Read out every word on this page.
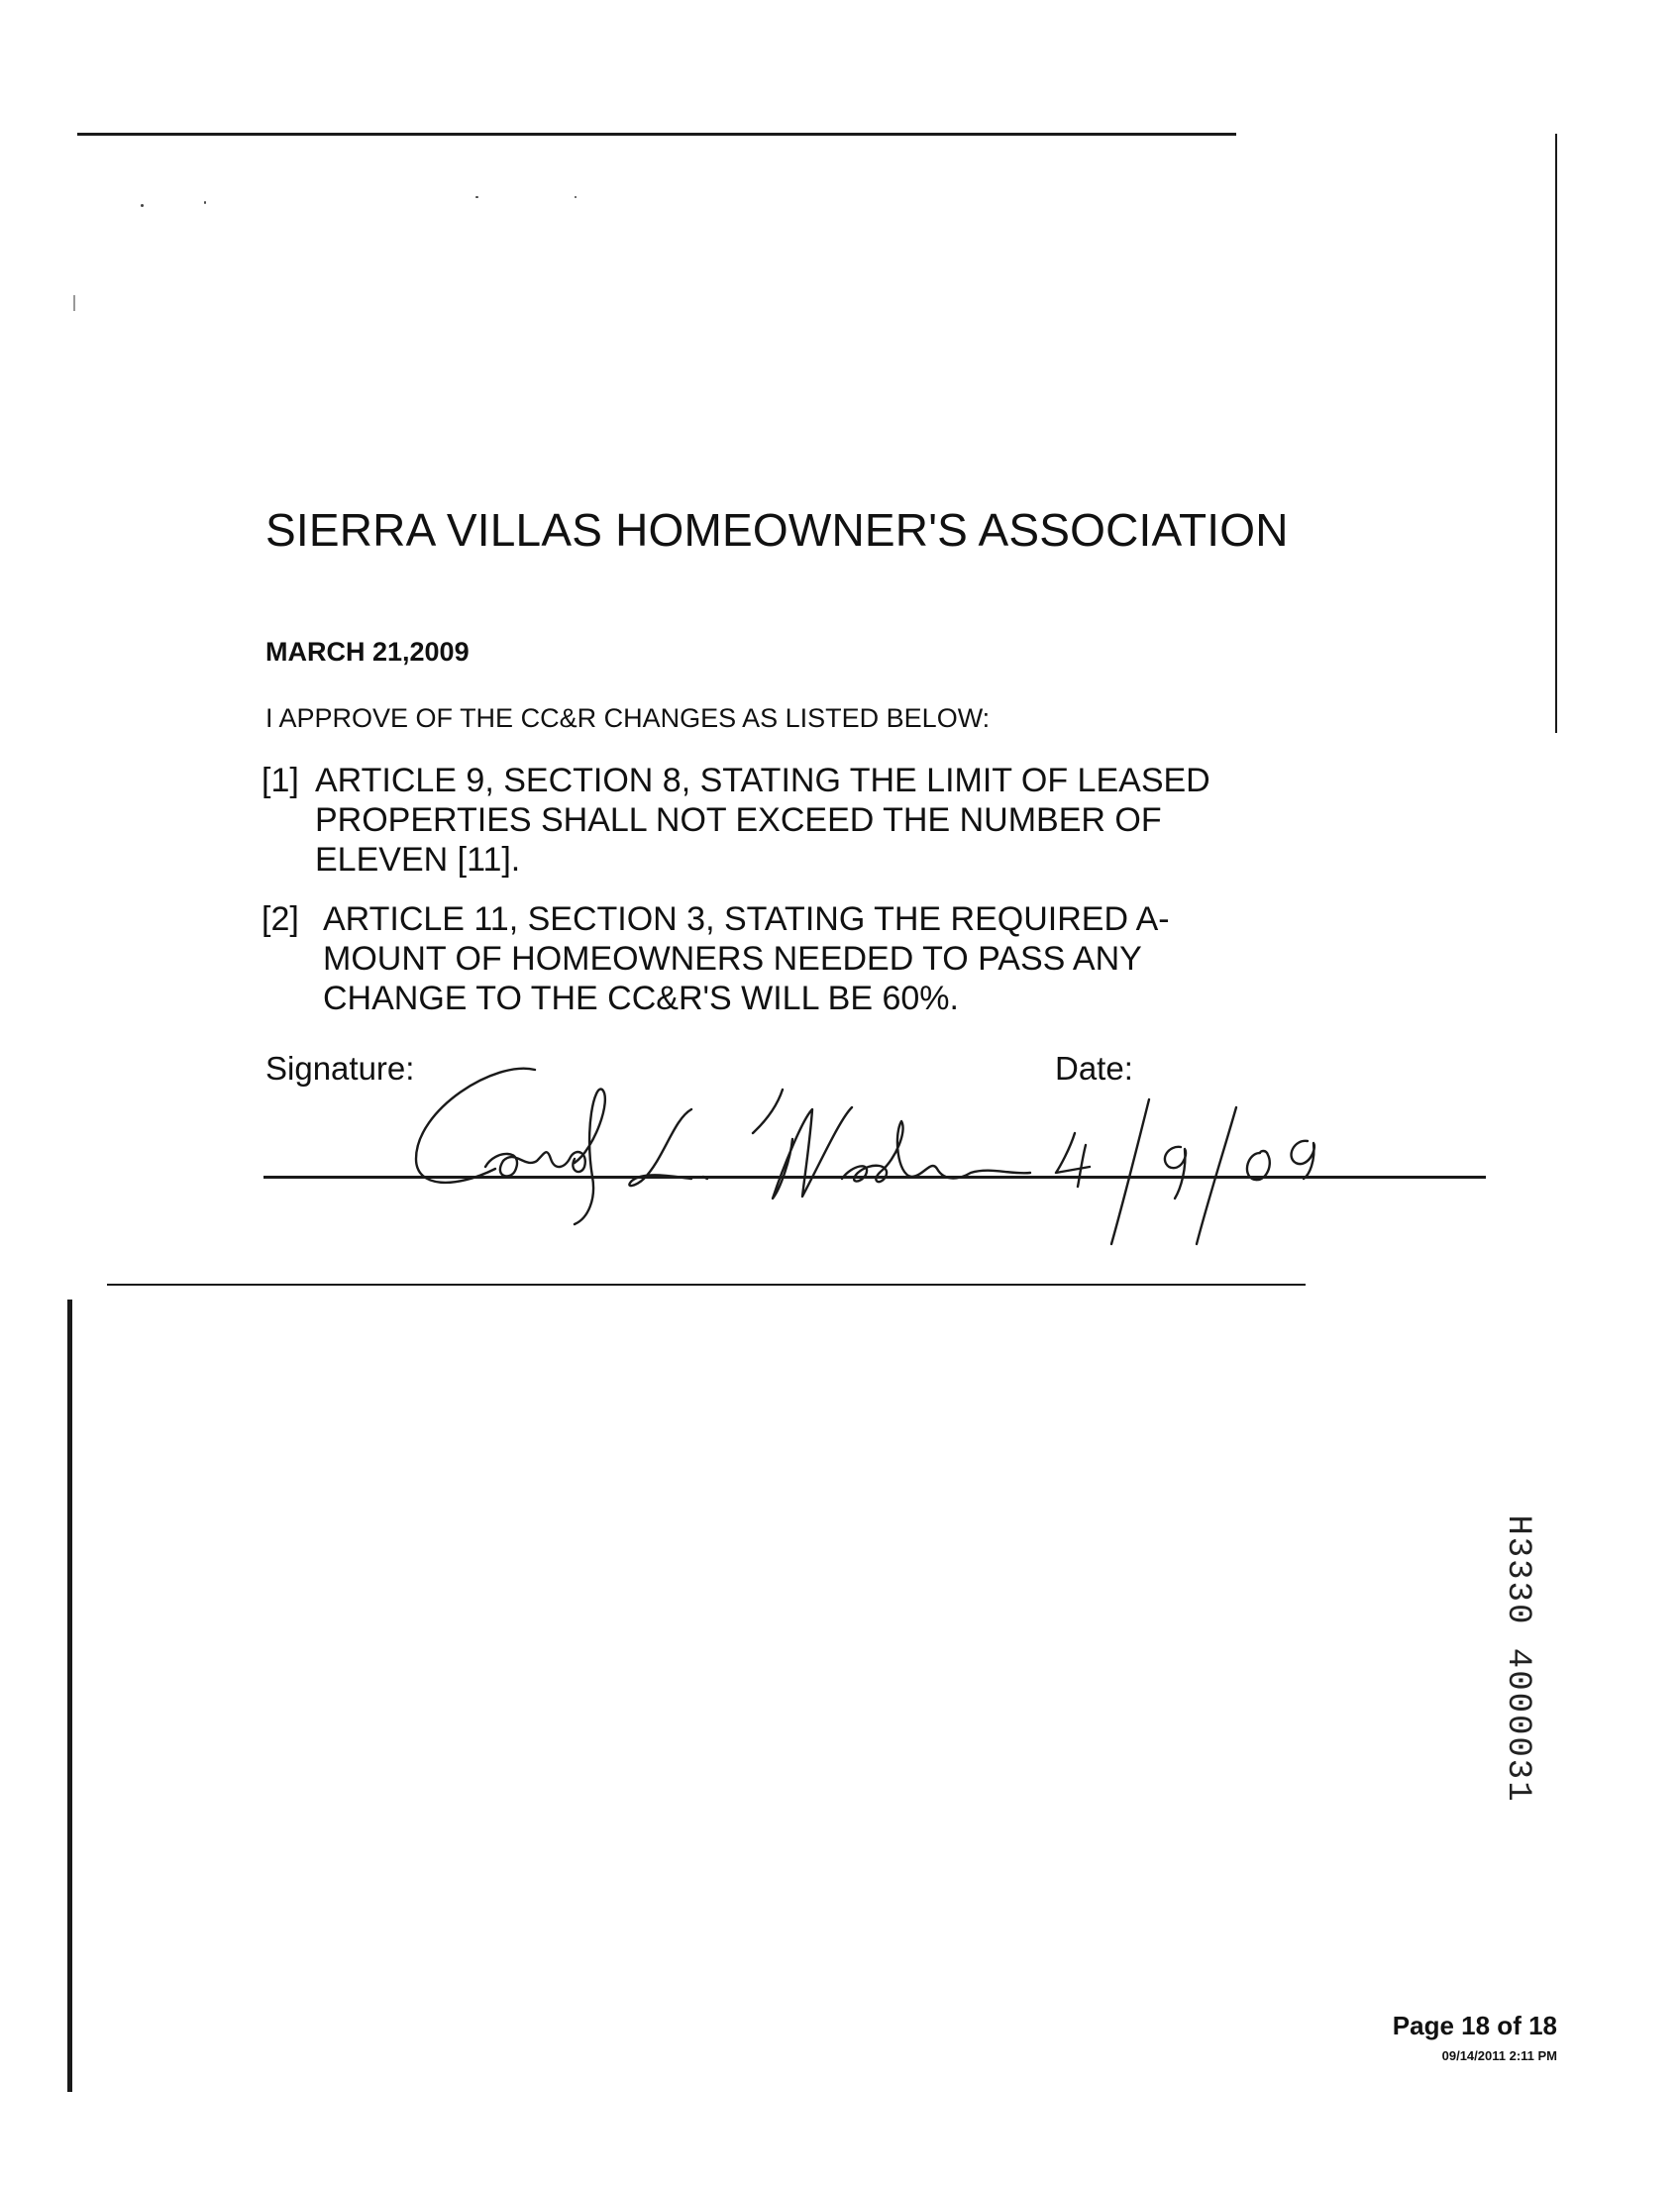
SIERRA VILLAS HOMEOWNER'S ASSOCIATION
MARCH 21,2009
I APPROVE OF THE CC&R CHANGES AS LISTED BELOW:
[1] ARTICLE 9, SECTION 8, STATING THE LIMIT OF LEASED
PROPERTIES SHALL NOT EXCEED THE NUMBER OF
ELEVEN [11].
[2] ARTICLE 11, SECTION 3, STATING THE REQUIRED A-
MOUNT OF HOMEOWNERS NEEDED TO PASS ANY
CHANGE TO THE CC&R'S WILL BE 60%.
Signature:	Date:
H3330 4000031
Page 18 of 18
09/14/2011 2:11 PM
